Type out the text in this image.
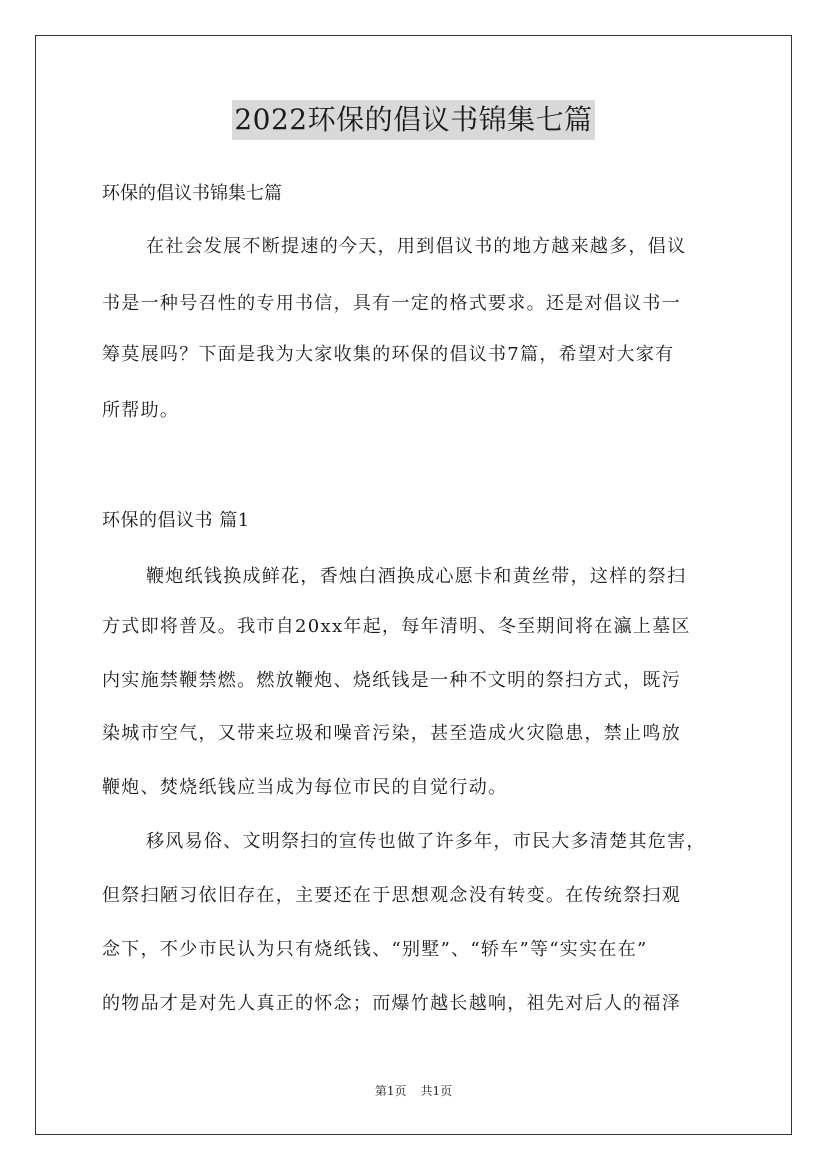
2022环保的倡议书锦集七篇
环保的倡议书锦集七篇
在社会发展不断提速的今天，用到倡议书的地方越来越多，倡议
书是一种号召性的专用书信，具有一定的格式要求。还是对倡议书一
筹莫展吗？下面是我为大家收集的环保的倡议书7篇，希望对大家有
所帮助。
环保的倡议书 篇1
鞭炮纸钱换成鲜花，香烛白酒换成心愿卡和黄丝带，这样的祭扫
方式即将普及。我市自20xx年起，每年清明、冬至期间将在瀛上墓区
内实施禁鞭禁燃。燃放鞭炮、烧纸钱是一种不文明的祭扫方式，既污
染城市空气，又带来垃圾和噪音污染，甚至造成火灾隐患，禁止鸣放
鞭炮、焚烧纸钱应当成为每位市民的自觉行动。
移风易俗、文明祭扫的宣传也做了许多年，市民大多清楚其危害，
但祭扫陋习依旧存在，主要还在于思想观念没有转变。在传统祭扫观
念下，不少市民认为只有烧纸钱、“别墅”、“轿车”等“实实在在”
的物品才是对先人真正的怀念；而爆竹越长越响，祖先对后人的福泽
第1页 共1页
